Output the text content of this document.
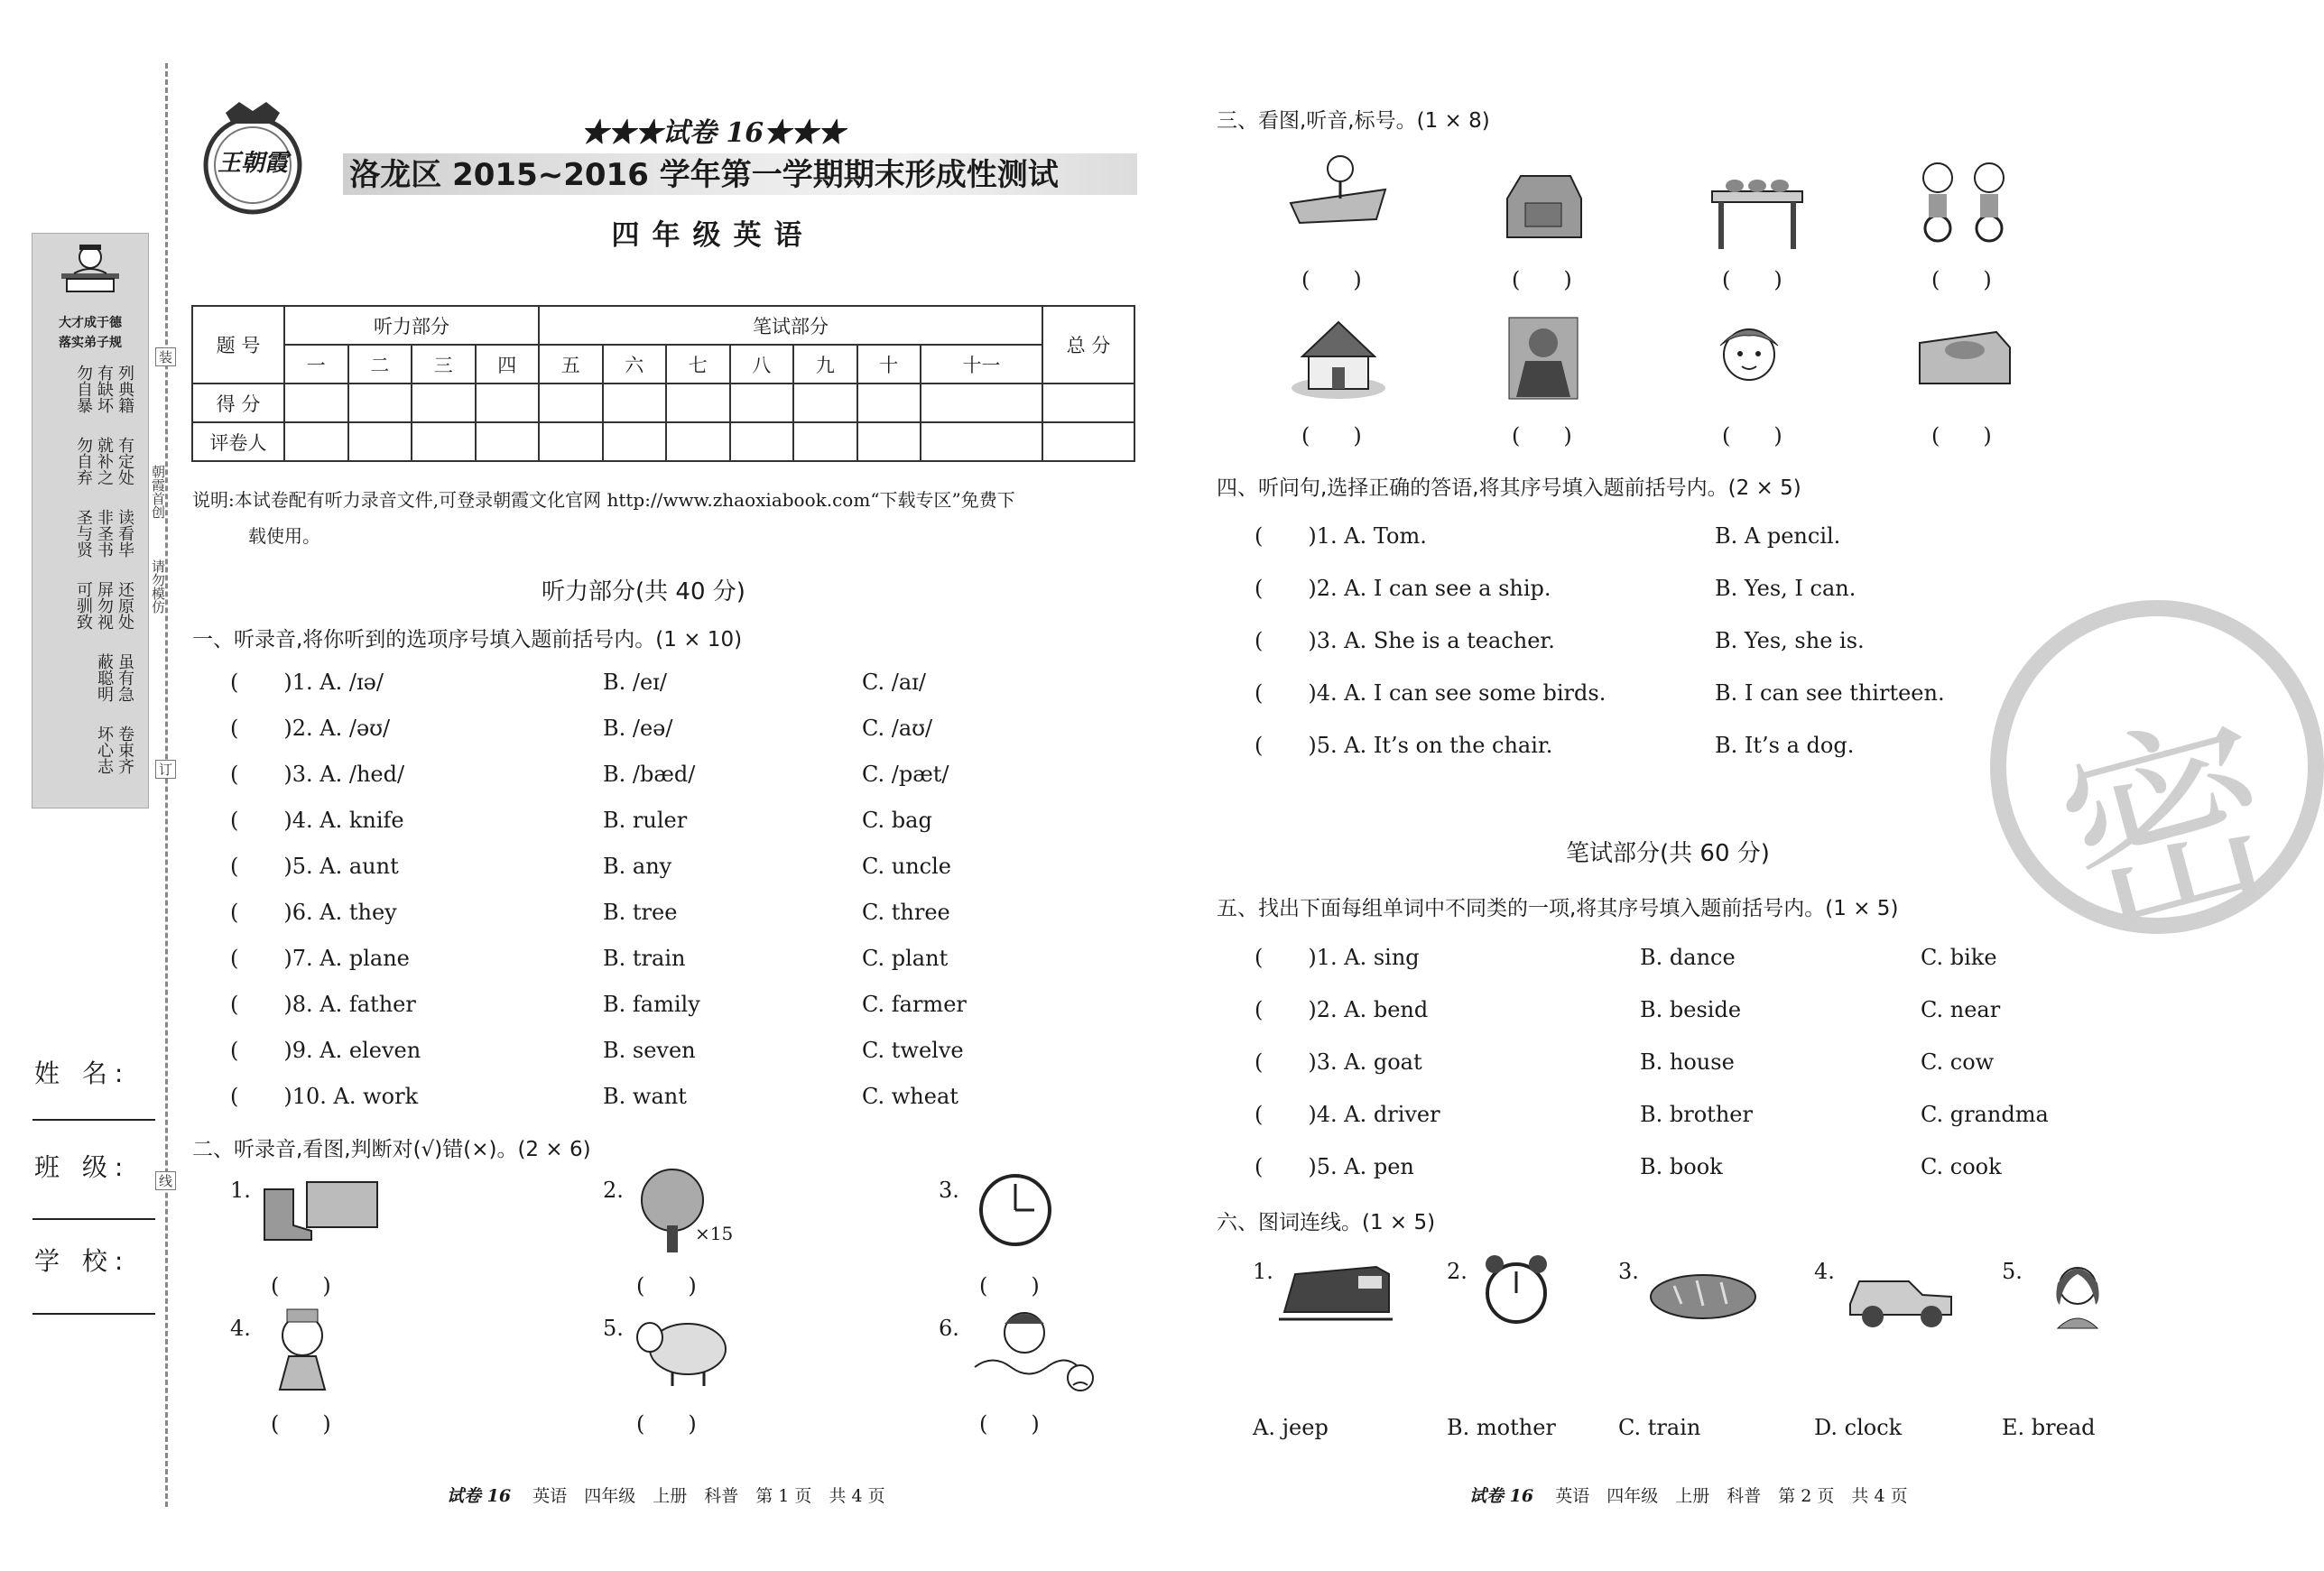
大才成于德
落实弟子规
列典籍
有缺坏
勿自暴
有定处
就补之
勿自弃
读看毕
非圣书
圣与贤
还原处
屏勿视
可驯致
虽有急
蔽聪明
卷束齐
坏心志
朝霞首创
请勿模仿
装
订
线
姓 名:
班 级:
学 校:
王朝霞
★★★试卷 16★★★
洛龙区 2015~2016 学年第一学期期末形成性测试
四年级英语
题 号	听力部分				笔试部分							总 分
	一	二	三	四	五	六	七	八	九	十	十一	
得 分												
评卷人												
说明:本试卷配有听力录音文件,可登录朝霞文化官网 http://www.zhaoxiabook.com“下载专区”免费下
载使用。
听力部分(共 40 分)
一、听录音,将你听到的选项序号填入题前括号内。(1 × 10)
( )1. A. /ɪə/	B. /eɪ/	C. /aɪ/
( )2. A. /əʊ/	B. /eə/	C. /aʊ/
( )3. A. /hed/	B. /bæd/	C. /pæt/
( )4. A. knife	B. ruler	C. bag
( )5. A. aunt	B. any	C. uncle
( )6. A. they	B. tree	C. three
( )7. A. plane	B. train	C. plant
( )8. A. father	B. family	C. farmer
( )9. A. eleven	B. seven	C. twelve
( )10. A. work	B. want	C. wheat
二、听录音,看图,判断对(√)错(×)。(2 × 6)
1.
(　　)
2.
×15
(　　)
3.
(　　)
4.
(　　)
5.
(　　)
6.
(　　)
试卷 16 英语　四年级　上册　科普　第 1 页　共 4 页
三、看图,听音,标号。(1 × 8)
(　　)	(　　)	(　　)	(　　)
(　　)	(　　)	(　　)	(　　)
四、听问句,选择正确的答语,将其序号填入题前括号内。(2 × 5)
( )1. A. Tom.	B. A pencil.
( )2. A. I can see a ship.	B. Yes, I can.
( )3. A. She is a teacher.	B. Yes, she is.
( )4. A. I can see some birds.	B. I can see thirteen.
( )5. A. It’s on the chair.	B. It’s a dog. 密
笔试部分(共 60 分)
五、找出下面每组单词中不同类的一项,将其序号填入题前括号内。(1 × 5)
( )1. A. sing	B. dance	C. bike
( )2. A. bend	B. beside	C. near
( )3. A. goat	B. house	C. cow
( )4. A. driver	B. brother	C. grandma
( )5. A. pen	B. book	C. cook
六、图词连线。(1 × 5)
1.	2.	3.	4.	5.
A. jeep	B. mother	C. train	D. clock	E. bread
试卷 16 英语　四年级　上册　科普　第 2 页　共 4 页
